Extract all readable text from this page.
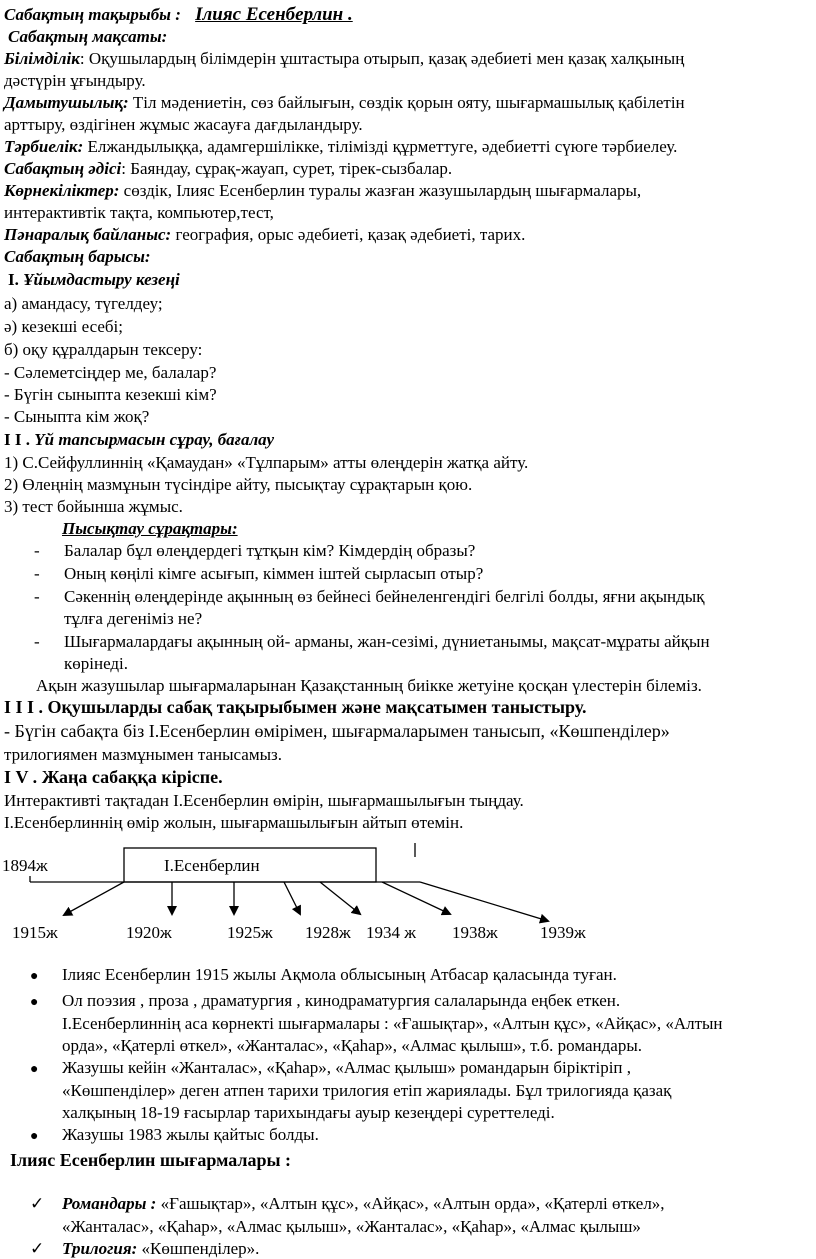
Сабақтың тақырыбы : Ілияс Есенберлин .
Сабақтың мақсаты:
Білімділік: Оқушылардың білімдерін ұштастыра отырып, қазақ әдебиеті мен қазақ халқының
дәстүрін ұғындыру.
Дамытушылық: Тіл мәдениетін, сөз байлығын, сөздік қорын ояту, шығармашылық қабілетін
арттыру, өздігінен жұмыс жасауға дағдыландыру.
Тәрбиелік: Елжандылыққа, адамгершілікке, тілімізді құрметтуге, әдебиетті сүюге тәрбиелеу.
Сабақтың әдісі: Баяндау, сұрақ-жауап, сурет, тірек-сызбалар.
Көрнекіліктер: сөздік, Ілияс Есенберлин туралы жазған жазушылардың шығармалары,
интерактивтік тақта, компьютер,тест,
Пәнаралық байланыс: география, орыс әдебиеті, қазақ әдебиеті, тарих.
Сабақтың барысы:
І. Ұйымдастыру кезеңі
а) амандасу, түгелдеу;
ә) кезекші есебі;
б) оқу құралдарын тексеру:
- Сәлеметсіңдер ме, балалар?
- Бүгін сыныпта кезекші кім?
- Сыныпта кім жоқ?
І І . Үй тапсырмасын сұрау, бағалау
1) С.Сейфуллиннің «Қамаудан» «Тұлпарым» атты өлеңдерін жатқа айту.
2) Өлеңнің мазмұнын түсіндіре айту, пысықтау сұрақтарын қою.
3) тест бойынша жұмыс.
Пысықтау сұрақтары:
- Балалар бұл өлеңдердегі тұтқын кім? Кімдердің образы?
- Оның көңілі кімге асығып, кіммен іштей сырласып отыр?
- Сәкеннің өлеңдерінде ақынның өз бейнесі бейнеленгендігі белгілі болды, яғни ақындық
тұлға дегеніміз не?
- Шығармалардағы ақынның ой- арманы, жан-сезімі, дүниетанымы, мақсат-мұраты айқын
көрінеді.
Ақын жазушылар шығармаларынан Қазақстанның биікке жетуіне қосқан үлестерін білеміз.
І І І . Оқушыларды сабақ тақырыбымен және мақсатымен таныстыру.
- Бүгін сабақта біз І.Есенберлин өмірімен, шығармаларымен танысып, «Көшпенділер»
трилогиямен мазмұнымен танысамыз.
І V . Жаңа сабаққа кіріспе.
Интерактивті тақтадан І.Есенберлин өмірін, шығармашылығын тыңдау.
І.Есенберлиннің өмір жолын, шығармашылығын айтып өтемін.
І.Есенберлин
1894ж
1915ж	1920ж	1925ж 1928ж 1934 ж 1938ж 1939ж
● Ілияс Есенберлин 1915 жылы Ақмола облысының Атбасар қаласында туған.
● Ол поэзия , проза , драматургия , кинодраматургия салаларында еңбек еткен.
І.Есенберлиннің аса көрнекті шығармалары : «Ғашықтар», «Алтын құс», «Айқас», «Алтын
орда», «Қатерлі өткел», «Жанталас», «Қаһар», «Алмас қылыш», т.б. романдары.
● Жазушы кейін «Жанталас», «Қаһар», «Алмас қылыш» романдарын біріктіріп ,
«Көшпенділер» деген атпен тарихи трилогия етіп жариялады. Бұл трилогияда қазақ
халқының 18-19 ғасырлар тарихындағы ауыр кезеңдері суреттеледі.
● Жазушы 1983 жылы қайтыс болды.
Ілияс Есенберлин шығармалары :
✓ Романдары : «Ғашықтар», «Алтын құс», «Айқас», «Алтын орда», «Қатерлі өткел»,
«Жанталас», «Қаһар», «Алмас қылыш», «Жанталас», «Қаһар», «Алмас қылыш»
✓ Трилогия: «Көшпенділер».
